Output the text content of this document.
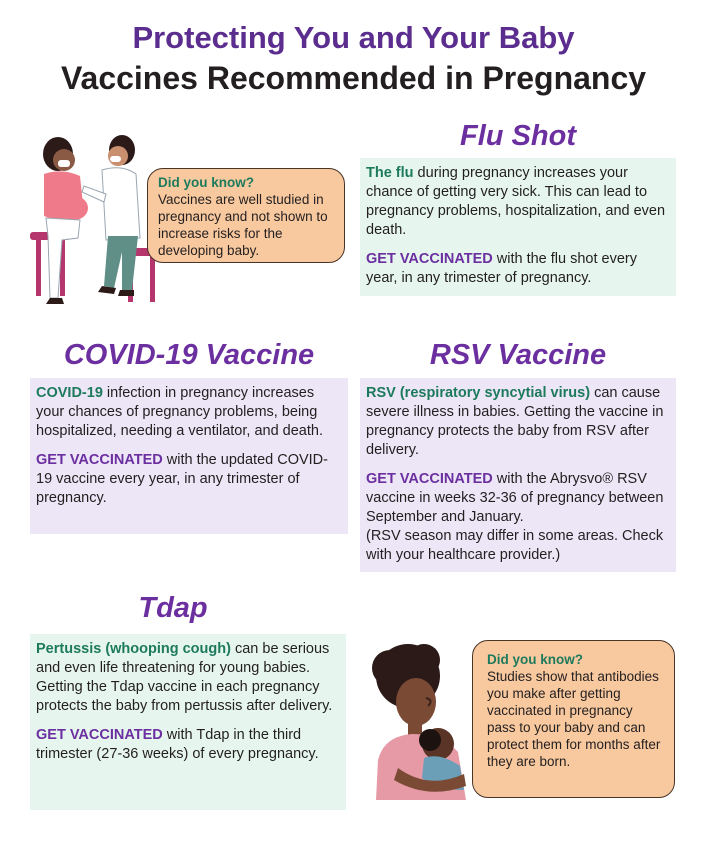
Protecting You and Your Baby
Vaccines Recommended in Pregnancy
Did you know?
Vaccines are well studied in pregnancy and not shown to increase risks for the developing baby.
Flu Shot

The flu during pregnancy increases your chance of getting very sick. This can lead to pregnancy problems, hospitalization, and even death.

GET VACCINATED with the flu shot every year, in any trimester of pregnancy.

COVID-19 Vaccine

COVID-19 infection in pregnancy increases your chances of pregnancy problems, being hospitalized, needing a ventilator, and death.

GET VACCINATED with the updated COVID-19 vaccine every year, in any trimester of pregnancy.

RSV Vaccine

RSV (respiratory syncytial virus) can cause severe illness in babies. Getting the vaccine in pregnancy protects the baby from RSV after delivery.

GET VACCINATED with the Abrysvo® RSV vaccine in weeks 32-36 of pregnancy between September and January.

(RSV season may differ in some areas. Check with your healthcare provider.)

Tdap

Pertussis (whooping cough) can be serious and even life threatening for young babies. Getting the Tdap vaccine in each pregnancy protects the baby from pertussis after delivery.

GET VACCINATED with Tdap in the third trimester (27-36 weeks) of every pregnancy.

Did you know?
Studies show that antibodies you make after getting vaccinated in pregnancy pass to your baby and can protect them for months after they are born.
